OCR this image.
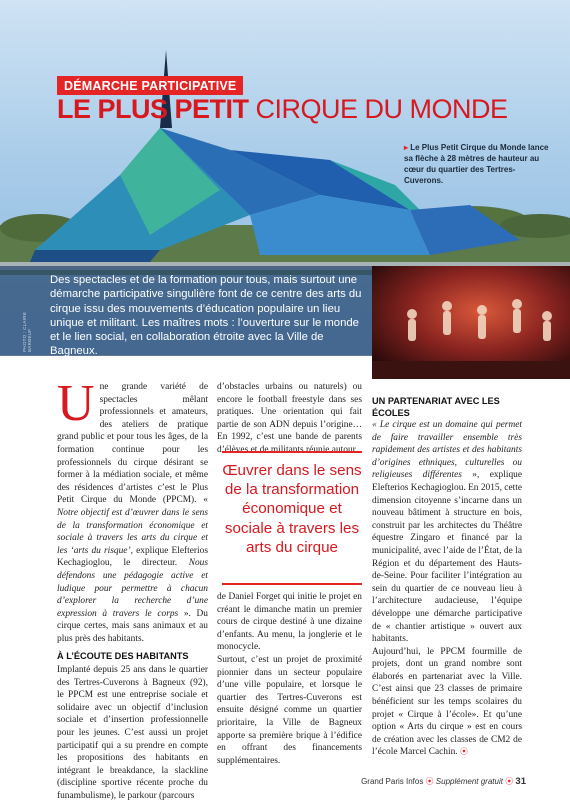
DÉMARCHE PARTICIPATIVE
LE PLUS PETIT CIRQUE DU MONDE
▸ Le Plus Petit Cirque du Monde lance sa flèche à 28 mètres de hauteur au cœur du quartier des Tertres-Cuverons.
PHOTO : CLAIRE BARBEUF
Des spectacles et de la formation pour tous, mais surtout une démarche participative singulière font de ce centre des arts du cirque issu des mouvements d’éducation populaire un lieu unique et militant. Les maîtres mots : l’ouverture sur le monde et le lien social, en collaboration étroite avec la Ville de Bagneux.

Une grande variété de spectacles mêlant professionnels et amateurs, des ateliers de pratique grand public et pour tous les âges, de la formation continue pour les professionnels du cirque désirant se former à la médiation sociale, et même des résidences d’artistes c’est le Plus Petit Cirque du Monde (PPCM). « Notre objectif est d’œuvrer dans le sens de la transformation économique et sociale à travers les arts du cirque et les ‘arts du risque’, explique Elefterios Kechagioglou, le directeur. Nous défendons une pédagogie active et ludique pour permettre à chacun d’explorer la recherche d’une expression à travers le corps ». Du cirque certes, mais sans animaux et au plus près des habitants.

À L’ÉCOUTE DES HABITANTS

Implanté depuis 25 ans dans le quartier des Tertres-Cuverons à Bagneux (92), le PPCM est une entreprise sociale et solidaire avec un objectif d’inclusion sociale et d’insertion professionnelle pour les jeunes. C’est aussi un projet participatif qui a su prendre en compte les propositions des habitants en intégrant le breakdance, la slackline (discipline sportive récente proche du funambulisme), le parkour (parcours

d’obstacles urbains ou naturels) ou encore le football freestyle dans ses pratiques. Une orientation qui fait partie de son ADN depuis l’origine… En 1992, c’est une bande de parents d’élèves et de militants réunie autour

Œuvrer dans le sens de la transformation économique et sociale à travers les arts du cirque

de Daniel Forget qui initie le projet en créant le dimanche matin un premier cours de cirque destiné à une dizaine d’enfants. Au menu, la jonglerie et le monocycle.

Surtout, c’est un projet de proximité pionnier dans un secteur populaire d’une ville populaire, et lorsque le quartier des Tertres-Cuverons est ensuite désigné comme un quartier prioritaire, la Ville de Bagneux apporte sa première brique à l’édifice en offrant des financements supplémentaires.

UN PARTENARIAT AVEC LES ÉCOLES

« Le cirque est un domaine qui permet de faire travailler ensemble très rapidement des artistes et des habitants d’origines ethniques, culturelles ou religieuses différentes », explique Elefterios Kechagioglou. En 2015, cette dimension citoyenne s’incarne dans un nouveau bâtiment à structure en bois, construit par les architectes du Théâtre équestre Zingaro et financé par la municipalité, avec l’aide de l’État, de la Région et du département des Hauts-de-Seine. Pour faciliter l’intégration au sein du quartier de ce nouveau lieu à l’architecture audacieuse, l’équipe développe une démarche participative de « chantier artistique » ouvert aux habitants.

Aujourd’hui, le PPCM fourmille de projets, dont un grand nombre sont élaborés en partenariat avec la Ville. C’est ainsi que 23 classes de primaire bénéficient sur les temps scolaires du projet « Cirque à l’école». Et qu’une option « Arts du cirque » est en cours de création avec les classes de CM2 de l’école Marcel Cachin. ⦿

Grand Paris Infos ⦿ Supplément gratuit ⦿ 31
